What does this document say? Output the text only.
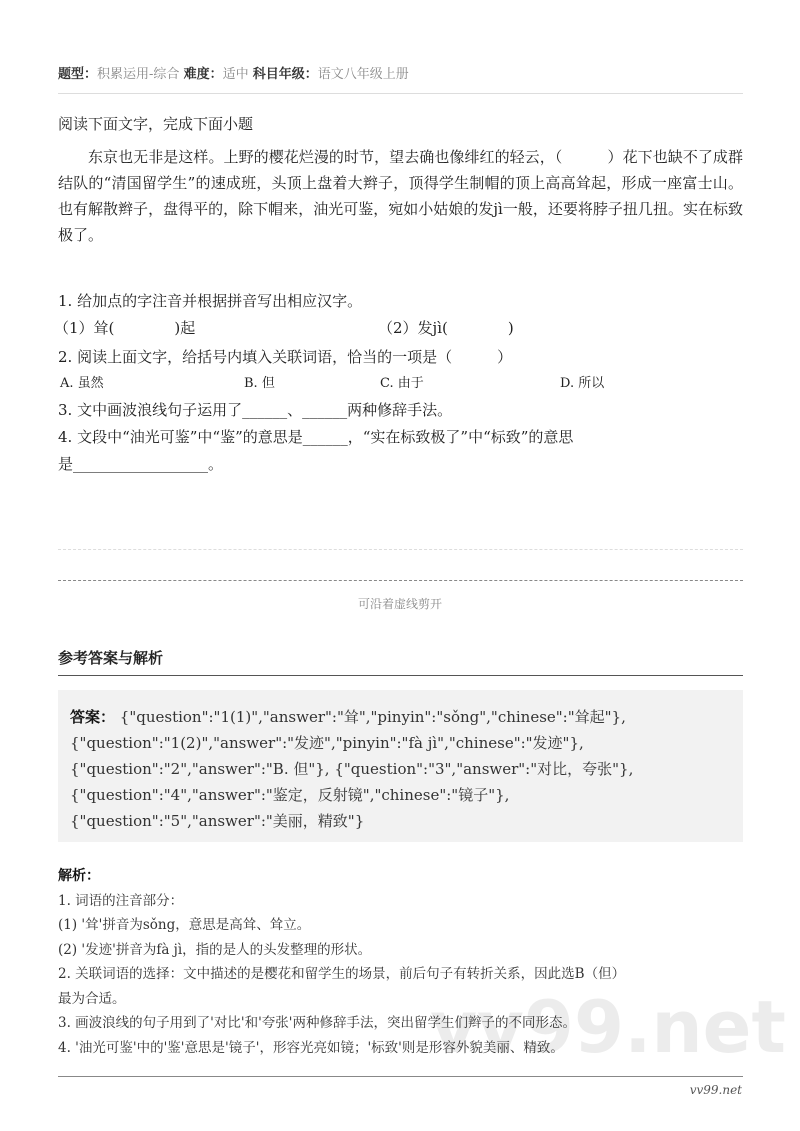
题型：积累运用-综合 难度：适中 科目年级：语文八年级上册
阅读下面文字，完成下面小题

东京也无非是这样。上野的樱花烂漫的时节，望去确也像绯红的轻云，（　　　）花下也缺不了成群结队的“清国留学生”的速成班，头顶上盘着大辫子，顶得学生制帽的顶上高高耸起，形成一座富士山。也有解散辫子，盘得平的，除下帽来，油光可鉴，宛如小姑娘的发jì一般，还要将脖子扭几扭。实在标致极了。

1. 给加点的字注音并根据拼音写出相应汉字。
（1）耸(　　　　)起	（2）发jì(　　　　)
2. 阅读上面文字，给括号内填入关联词语，恰当的一项是（　　　）
A. 虽然	B. 但	C. 由于	D. 所以
3. 文中画波浪线句子运用了______、______两种修辞手法。
4. 文段中“油光可鉴”中“鉴”的意思是______，“实在标致极了”中“标致”的意思
是__________________。
可沿着虚线剪开
参考答案与解析
答案： {"question":"1(1)","answer":"耸","pinyin":"sǒng","chinese":"耸起"},
{"question":"1(2)","answer":"发迹","pinyin":"fà jì","chinese":"发迹"},
{"question":"2","answer":"B. 但"}, {"question":"3","answer":"对比，夸张"},
{"question":"4","answer":"鉴定，反射镜","chinese":"镜子"},
{"question":"5","answer":"美丽，精致"}
vv99.net
解析：
1. 词语的注音部分：
(1) '耸'拼音为sǒng，意思是高耸、耸立。
(2) '发迹'拼音为fà jì，指的是人的头发整理的形状。
2. 关联词语的选择：文中描述的是樱花和留学生的场景，前后句子有转折关系，因此选B（但）
最为合适。
3. 画波浪线的句子用到了'对比'和'夸张'两种修辞手法，突出留学生们辫子的不同形态。
4. '油光可鉴'中的'鉴'意思是'镜子'，形容光亮如镜；'标致'则是形容外貌美丽、精致。
vv99.net
